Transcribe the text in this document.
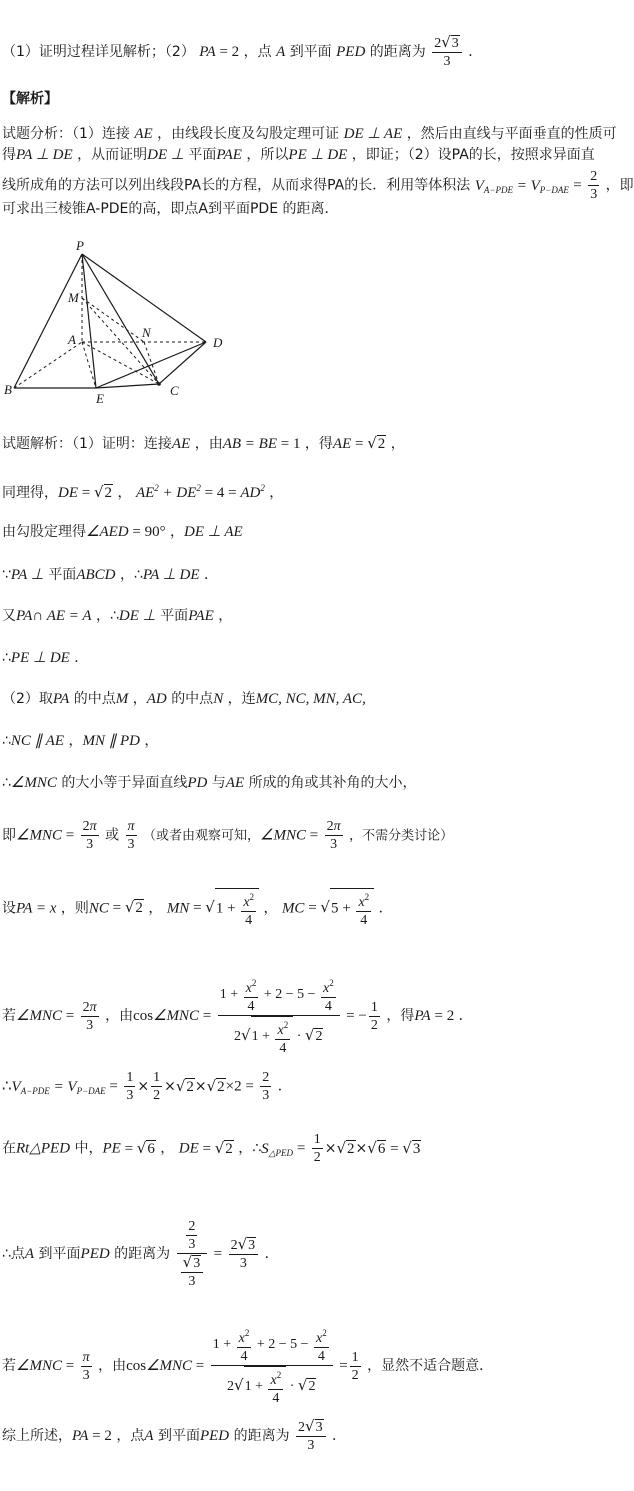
（1）证明过程详见解析；（2） PA = 2 ，点 A 到平面 PED 的距离为 $\frac{2 √ 3}{3}$ ．
【解析】
试题分析：（1）连接 AE ，由线段长度及勾股定理可证 DE ⊥ AE ，然后由直线与平面垂直的性质可
得PA ⊥ DE ，从而证明DE ⊥ 平面PAE ，所以PE ⊥ DE ，即证；（2）设PA的长，按照求异面直
线所成角的方法可以列出线段PA长的方程，从而求得PA的长．利用等体积法 $V_{A-PDE} = V_{P-DAE} = \frac{2}{3}$ ，即
可求出三棱锥A-PDE的高，即点A到平面PDE 的距离．
P
M
A	N
D
B
E
C
试题解析：（1）证明：连接AE ，由AB = BE = 1 ，得AE = √ 2 ，
同理得，DE = √ 2 ， $AE^2 + DE^2 = 4 = AD^2$ ，
由勾股定理得∠AED = 90° ，DE ⊥ AE
∵PA ⊥ 平面ABCD ，∴PA ⊥ DE ．
又PA∩ AE = A ，∴DE ⊥ 平面PAE ，
∴PE ⊥ DE ．
（2）取PA 的中点M ，AD 的中点N ，连MC, NC, MN, AC,
∴NC ∥ AE ，MN ∥ PD ，
∴∠MNC 的大小等于异面直线PD 与AE 所成的角或其补角的大小，
即∠MNC = $\frac{2\pi}{3}$ 或 $\frac{\pi}{3}$ （或者由观察可知，∠MNC = $\frac{2\pi}{3}$ ，不需分类讨论）
设PA = x ，则NC = √ 2 ， MN = √ $1 + \frac{x^2}{4}$ ， MC = √ $5 + \frac{x^2}{4}$ ．
若∠MNC = $\frac{2\pi}{3}$ ，由cos∠MNC = $\frac{1 + \frac{x^2}{4} + 2 - 5 - \frac{x^2}{4}}{2 √ 1 + \frac{x^2}{4} \cdot √ 2}$ = − $\frac{1}{2}$ ，得PA = 2 ．
$\therefore V_{A-PDE} = V_{P-DAE} = \frac{1}{3} \times \frac{1}{2}$ × √ 2× √ $2\times 2 = \frac{2}{3}$ ．
在Rt△PED 中，PE = √ 6 ， DE = √ 2 ，$\therefore S_{\triangle PED} = \frac{1}{2}$ × √ 2× √ 6 = √ 3
∴点A 到平面PED 的距离为 $\frac{2}{3}$
√ $\frac{3}{3} = \frac{2 √ 3}{3}$ ．
若∠MNC = $\frac{\pi}{3}$ ，由cos∠MNC = $\frac{1 + \frac{x^2}{4} + 2 - 5 - \frac{x^2}{4}}{2 √ 1 + \frac{x^2}{4} \cdot √ 2} = \frac{1}{2}$ ，显然不适合题意．
综上所述，PA = 2 ，点A 到平面PED 的距离为 $\frac{2 √ 3}{3}$ ．
